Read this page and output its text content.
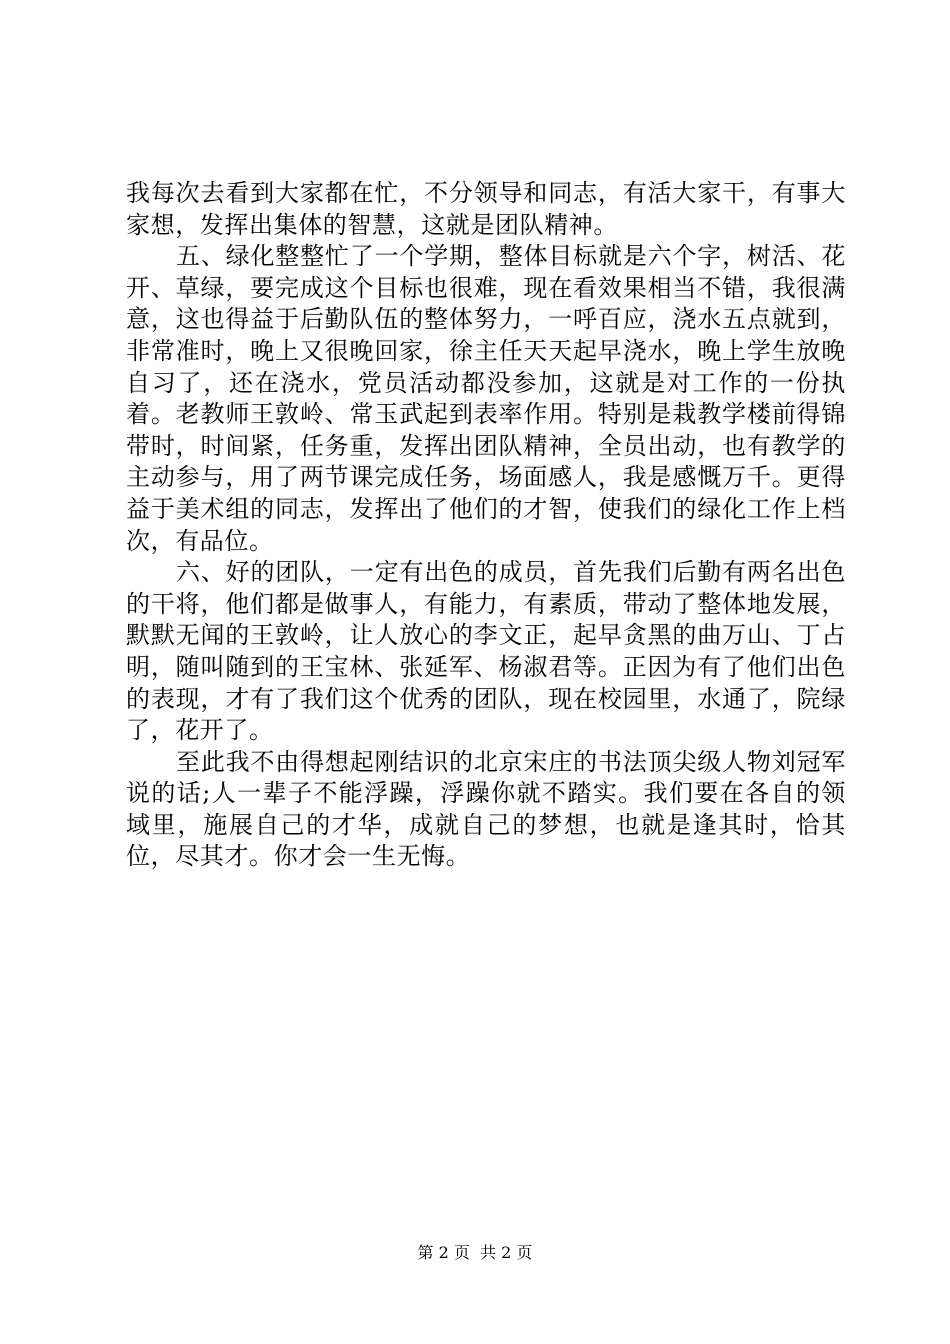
我每次去看到大家都在忙，不分领导和同志，有活大家干，有事大家想，发挥出集体的智慧，这就是团队精神。

五、绿化整整忙了一个学期，整体目标就是六个字，树活、花开、草绿，要完成这个目标也很难，现在看效果相当不错，我很满意，这也得益于后勤队伍的整体努力，一呼百应，浇水五点就到，非常准时，晚上又很晚回家，徐主任天天起早浇水，晚上学生放晚自习了，还在浇水，党员活动都没参加，这就是对工作的一份执着。老教师王敦岭、常玉武起到表率作用。特别是栽教学楼前得锦带时，时间紧，任务重，发挥出团队精神，全员出动，也有教学的主动参与，用了两节课完成任务，场面感人，我是感慨万千。更得益于美术组的同志，发挥出了他们的才智，使我们的绿化工作上档次，有品位。

六、好的团队，一定有出色的成员，首先我们后勤有两名出色的干将，他们都是做事人，有能力，有素质，带动了整体地发展，默默无闻的王敦岭，让人放心的李文正，起早贪黑的曲万山、丁占明，随叫随到的王宝林、张延军、杨淑君等。正因为有了他们出色的表现，才有了我们这个优秀的团队，现在校园里，水通了，院绿了，花开了。

至此我不由得想起刚结识的北京宋庄的书法顶尖级人物刘冠军说的话;人一辈子不能浮躁，浮躁你就不踏实。我们要在各自的领域里，施展自己的才华，成就自己的梦想，也就是逢其时，恰其位，尽其才。你才会一生无悔。

第 2 页  共 2 页
